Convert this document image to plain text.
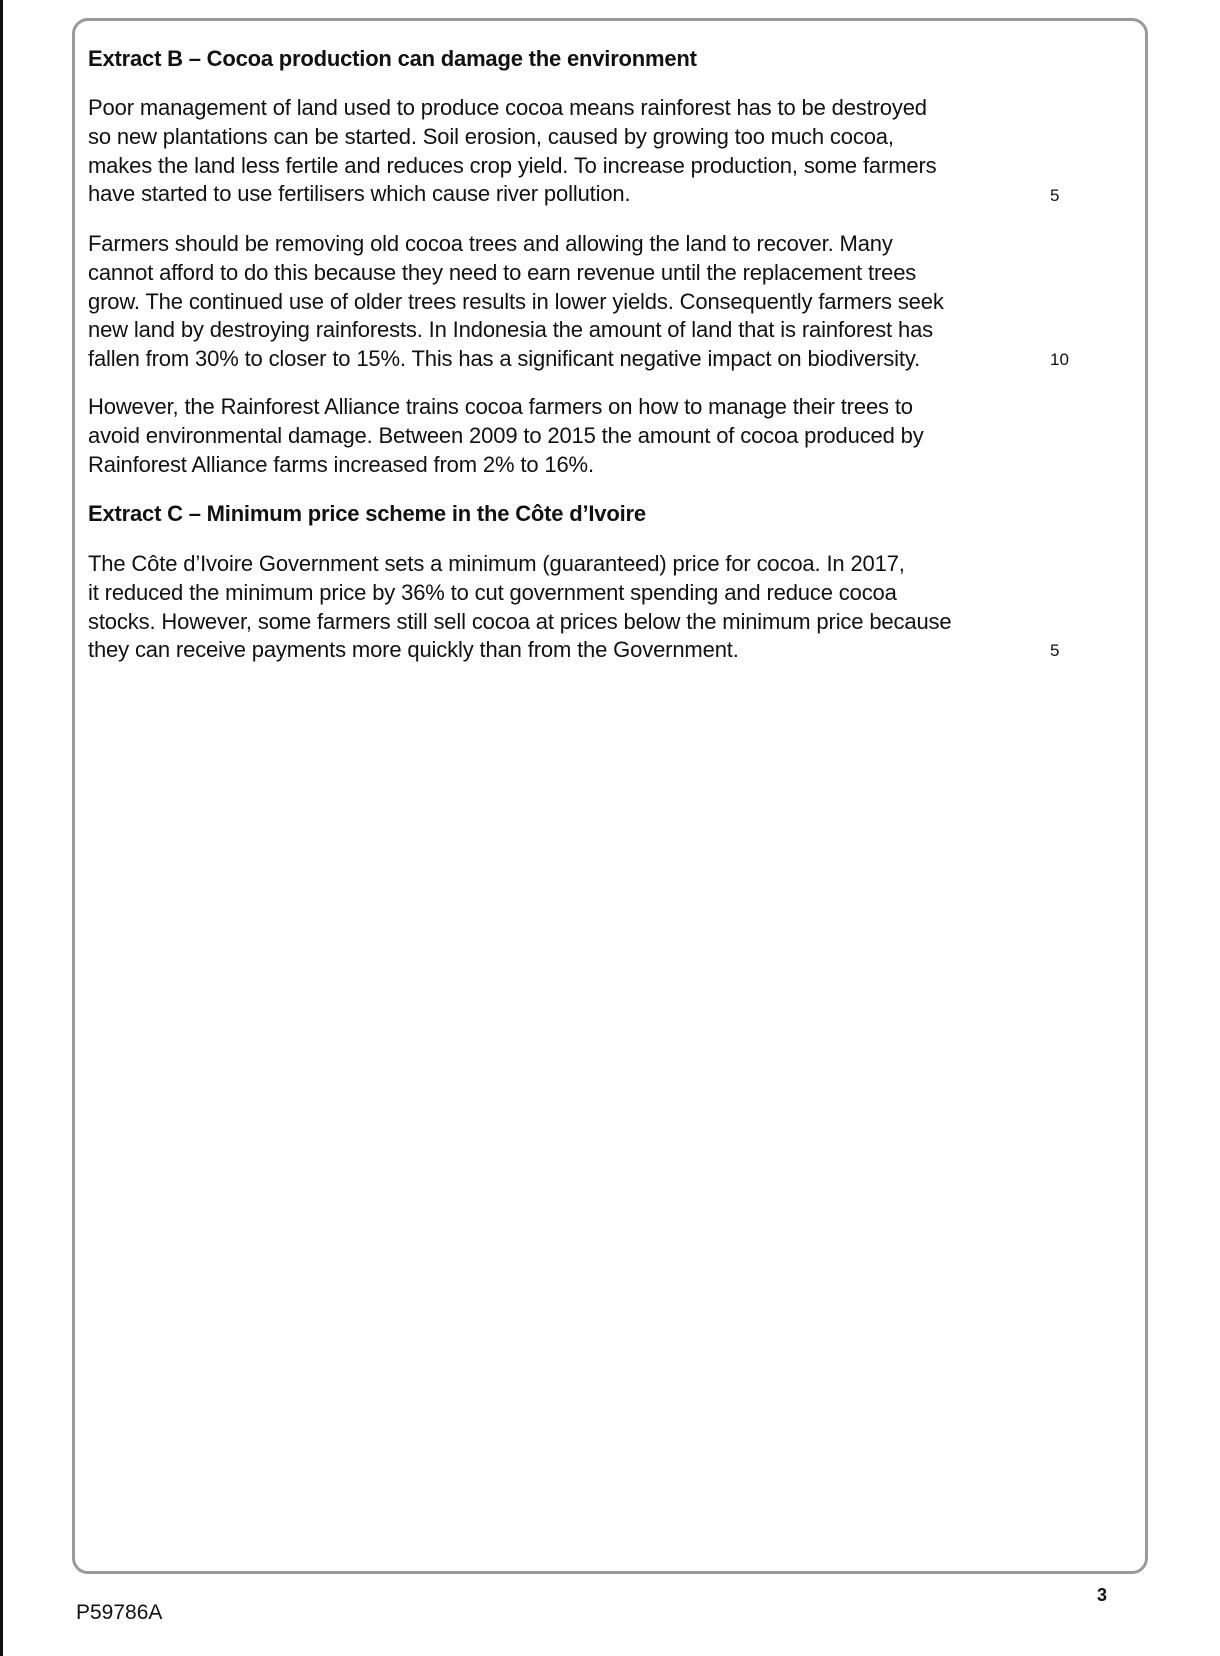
Extract B – Cocoa production can damage the environment
Poor management of land used to produce cocoa means rainforest has to be destroyed
so new plantations can be started. Soil erosion, caused by growing too much cocoa,
makes the land less fertile and reduces crop yield. To increase production, some farmers
have started to use fertilisers which cause river pollution.	5
Farmers should be removing old cocoa trees and allowing the land to recover. Many
cannot afford to do this because they need to earn revenue until the replacement trees
grow. The continued use of older trees results in lower yields. Consequently farmers seek
new land by destroying rainforests. In Indonesia the amount of land that is rainforest has
fallen from 30% to closer to 15%. This has a significant negative impact on biodiversity.	10
However, the Rainforest Alliance trains cocoa farmers on how to manage their trees to
avoid environmental damage. Between 2009 to 2015 the amount of cocoa produced by
Rainforest Alliance farms increased from 2% to 16%.
Extract C – Minimum price scheme in the Côte d’Ivoire
The Côte d’Ivoire Government sets a minimum (guaranteed) price for cocoa. In 2017,
it reduced the minimum price by 36% to cut government spending and reduce cocoa
stocks. However, some farmers still sell cocoa at prices below the minimum price because
they can receive payments more quickly than from the Government.	5
3
P59786A
